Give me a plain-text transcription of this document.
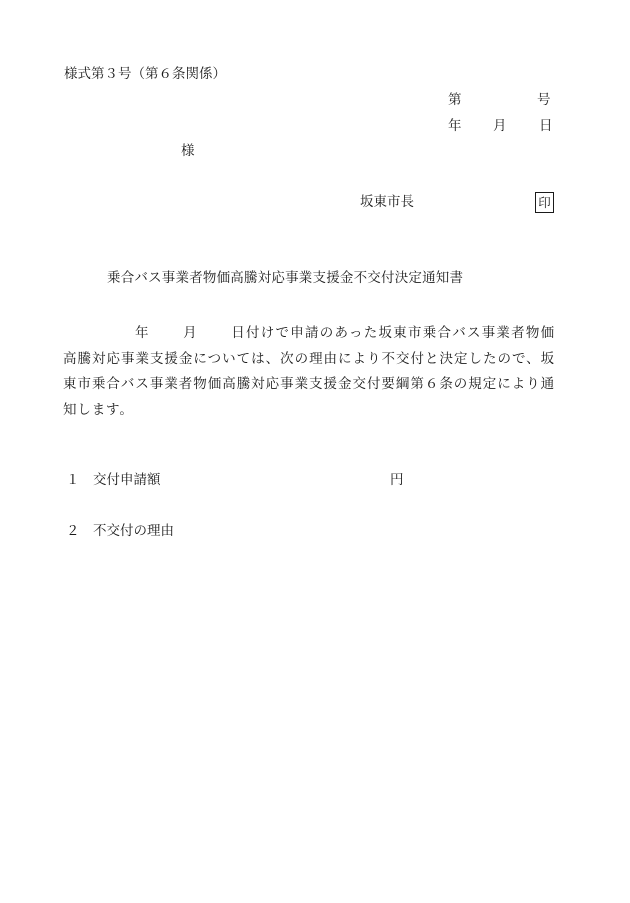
様式第３号（第６条関係）
第	号
年 月 日
様
坂東市長	印
乗合バス事業者物価高騰対応事業支援金不交付決定通知書
年 月 日付けで申請のあった坂東市乗合バス事業者物価高騰対応事業支援金については、次の理由により不交付と決定したので、坂東市乗合バス事業者物価高騰対応事業支援金交付要綱第６条の規定により通知します。
１ 交付申請額	円
２ 不交付の理由
